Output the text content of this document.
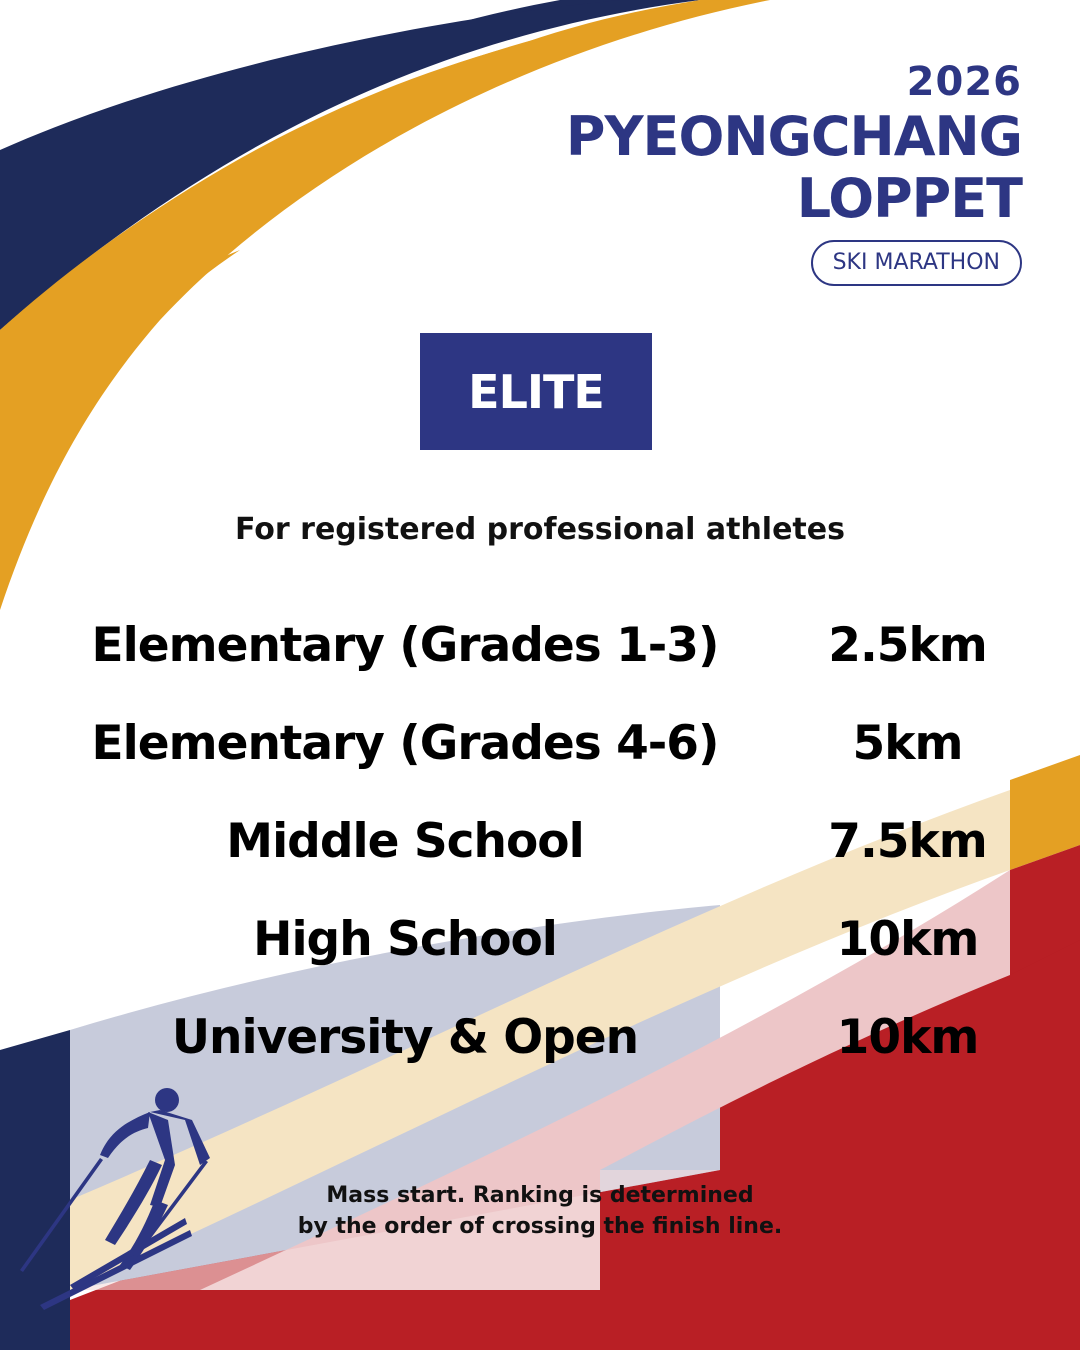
2026
PYEONGCHANG
LOPPET
SKI MARATHON
ELITE
For registered professional athletes
Elementary (Grades 1-3)	2.5km
Elementary (Grades 4-6)	5km
Middle School	7.5km
High School	10km
University & Open	10km
Mass start. Ranking is determined
by the order of crossing the finish line.
